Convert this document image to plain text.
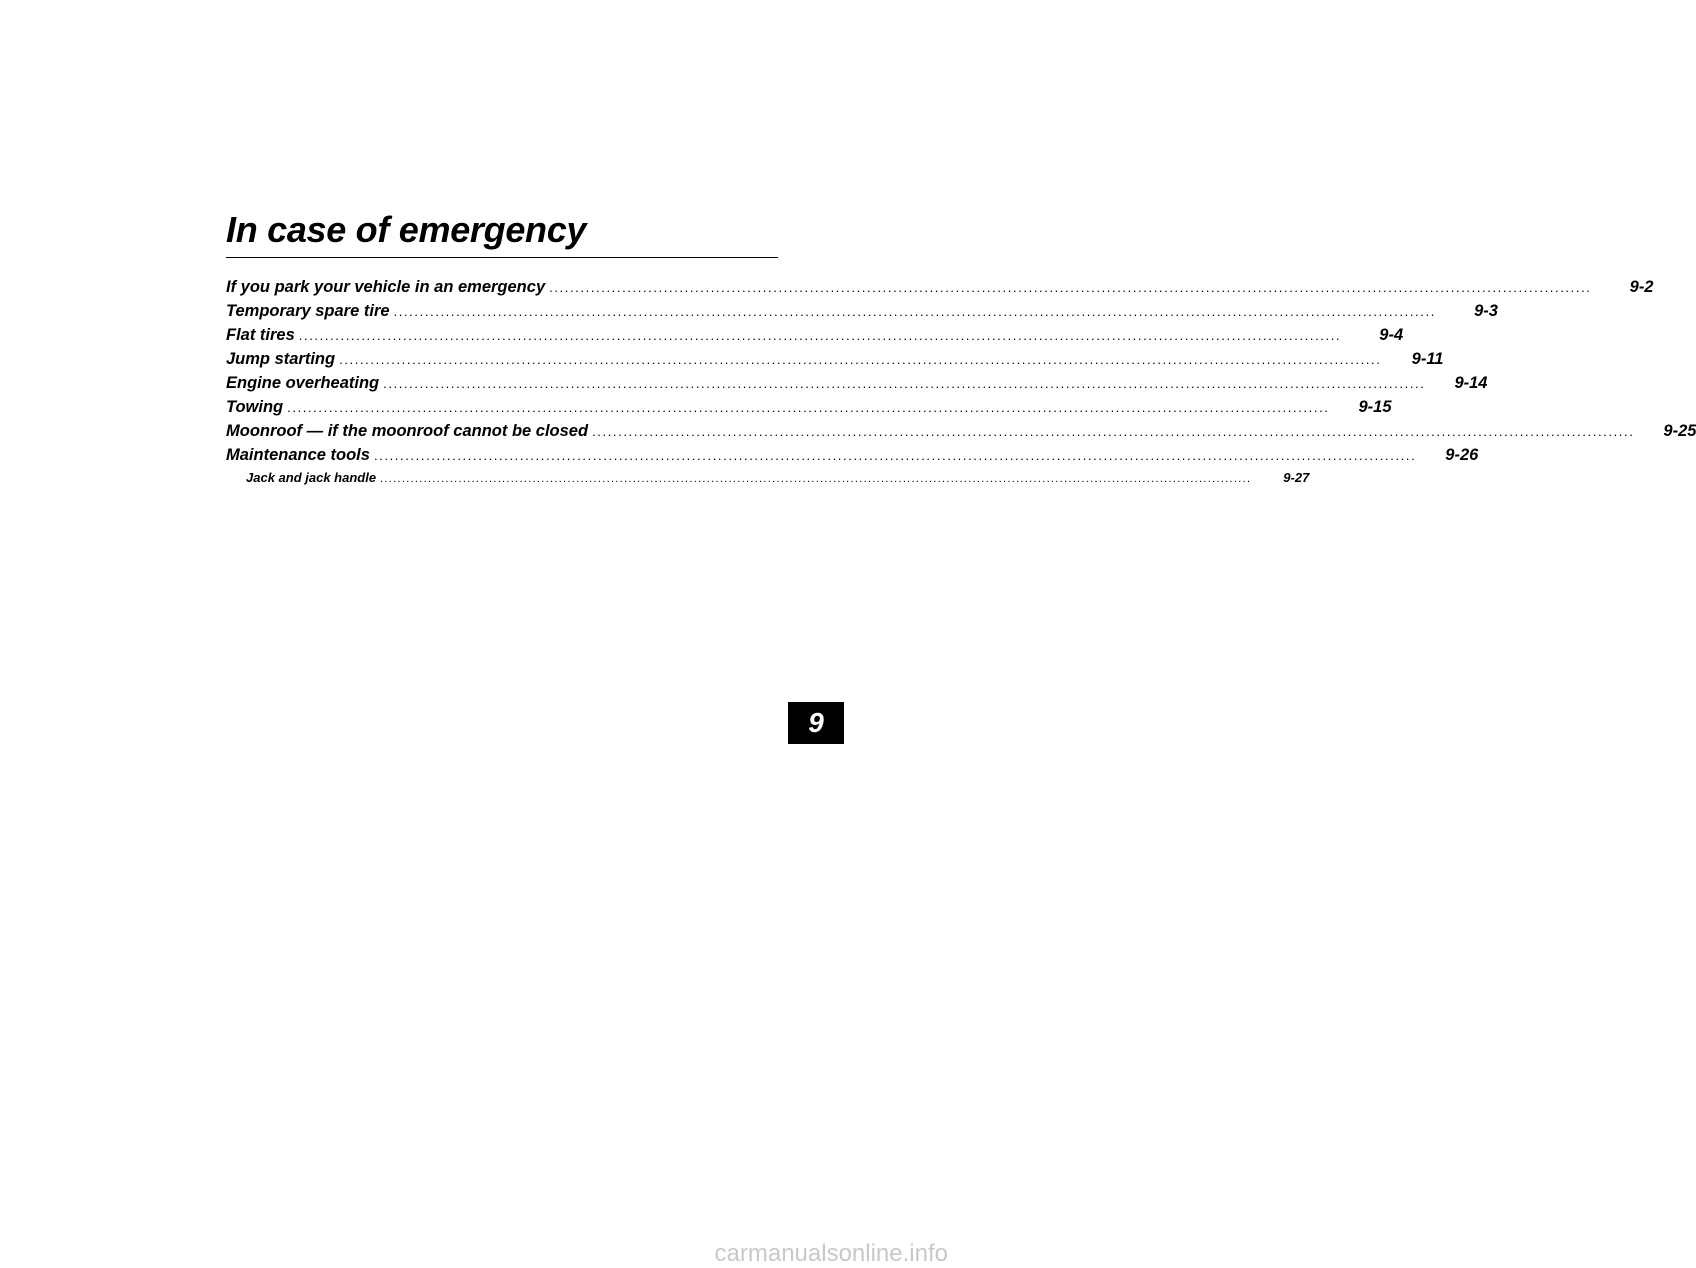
In case of emergency
If you park your vehicle in an emergency ........................................................................................................................................................................................................	9-2
Temporary spare tire ........................................................................................................................................................................................................	9-3
Flat tires ........................................................................................................................................................................................................	9-4
Jump starting ........................................................................................................................................................................................................	9-11
Engine overheating ........................................................................................................................................................................................................	9-14
Towing ........................................................................................................................................................................................................	9-15
Moonroof — if the moonroof cannot be closed ........................................................................................................................................................................................................	9-25
Maintenance tools ........................................................................................................................................................................................................	9-26
Jack and jack handle ........................................................................................................................................................................................................	9-27
9
carmanualsonline.info
